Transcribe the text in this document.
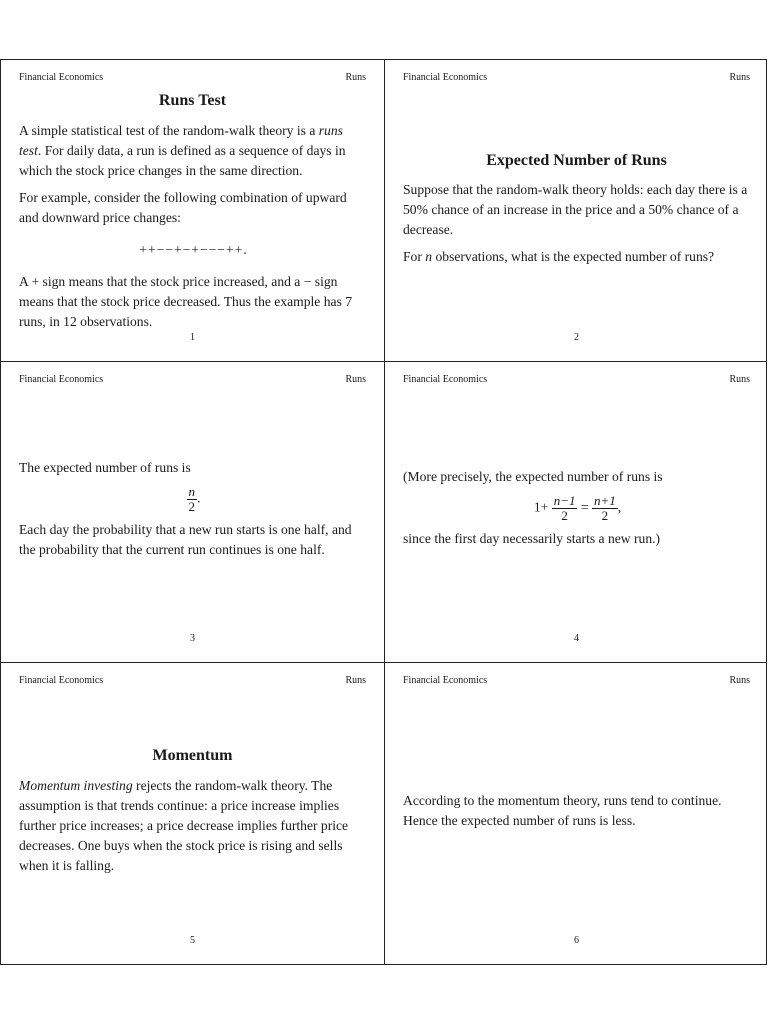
Financial Economics	Runs
Runs Test

A simple statistical test of the random-walk theory is a runs test. For daily data, a run is defined as a sequence of days in which the stock price changes in the same direction.

For example, consider the following combination of upward and downward price changes:

++−−+−+−−−++.

A + sign means that the stock price increased, and a − sign means that the stock price decreased. Thus the example has 7 runs, in 12 observations.

1
Financial Economics	Runs
Expected Number of Runs

Suppose that the random-walk theory holds: each day there is a 50% chance of an increase in the price and a 50% chance of a decrease.

For n observations, what is the expected number of runs?

2
Financial Economics	Runs

The expected number of runs is

$\frac{n}{2}$ .

Each day the probability that a new run starts is one half, and the probability that the current run continues is one half.

3
Financial Economics	Runs

(More precisely, the expected number of runs is

$1+ \frac{n-1}{2} = \frac{n+1}{2}$ ,

since the first day necessarily starts a new run.)

4
Financial Economics	Runs
Momentum

Momentum investing rejects the random-walk theory. The assumption is that trends continue: a price increase implies further price increases; a price decrease implies further price decreases. One buys when the stock price is rising and sells when it is falling.

5
Financial Economics	Runs

According to the momentum theory, runs tend to continue. Hence the expected number of runs is less.

6
